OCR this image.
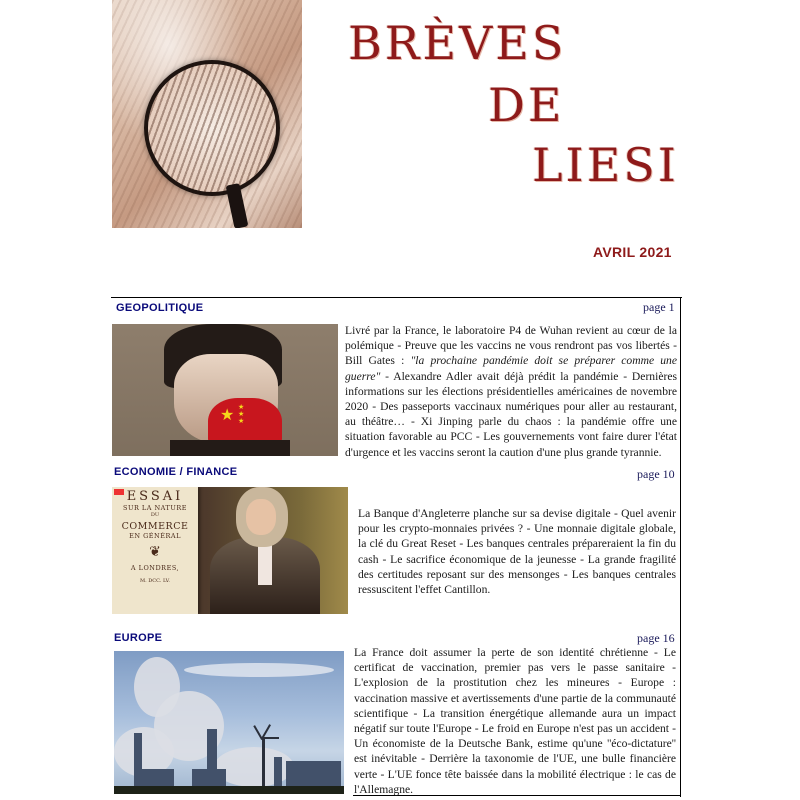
BRÈVES
DE
LIESI
AVRIL 2021
GEOPOLITIQUE	page 1
★ ★
★
★

Livré par la France, le laboratoire P4 de Wuhan revient au cœur de la polémique - Preuve que les vaccins ne vous rendront pas vos libertés - Bill Gates : "la prochaine pandémie doit se préparer comme une guerre" - Alexandre Adler avait déjà prédit la pandémie - Dernières informations sur les élections présidentielles américaines de novembre 2020 - Des passeports vaccinaux numériques pour aller au restaurant, au théâtre… - Xi Jinping parle du chaos : la pandémie offre une situation favorable au PCC - Les gouvernements vont faire durer l'état d'urgence et les vaccins seront la caution d'une plus grande tyrannie.

ECONOMIE / FINANCE	page 10
ESSAI
SUR LA NATURE
DU
COMMERCE
EN GÉNÉRAL
❦
A LONDRES,
M. DCC. LV.

La Banque d'Angleterre planche sur sa devise digitale - Quel avenir pour les crypto-monnaies privées ? - Une monnaie digitale globale, la clé du Great Reset - Les banques centrales prépareraient la fin du cash - Le sacrifice économique de la jeunesse - La grande fragilité des certitudes reposant sur des mensonges - Les banques centrales ressuscitent l'effet Cantillon.

EUROPE	page 16

La France doit assumer la perte de son identité chrétienne - Le certificat de vaccination, premier pas vers le passe sanitaire - L'explosion de la prostitution chez les mineures - Europe : vaccination massive et avertissements d'une partie de la communauté scientifique - La transition énergétique allemande aura un impact négatif sur toute l'Europe - Le froid en Europe n'est pas un accident - Un économiste de la Deutsche Bank, estime qu'une ''éco-dictature'' est inévitable - Derrière la taxonomie de l'UE, une bulle financière verte - L'UE fonce tête baissée dans la mobilité électrique : le cas de l'Allemagne.
